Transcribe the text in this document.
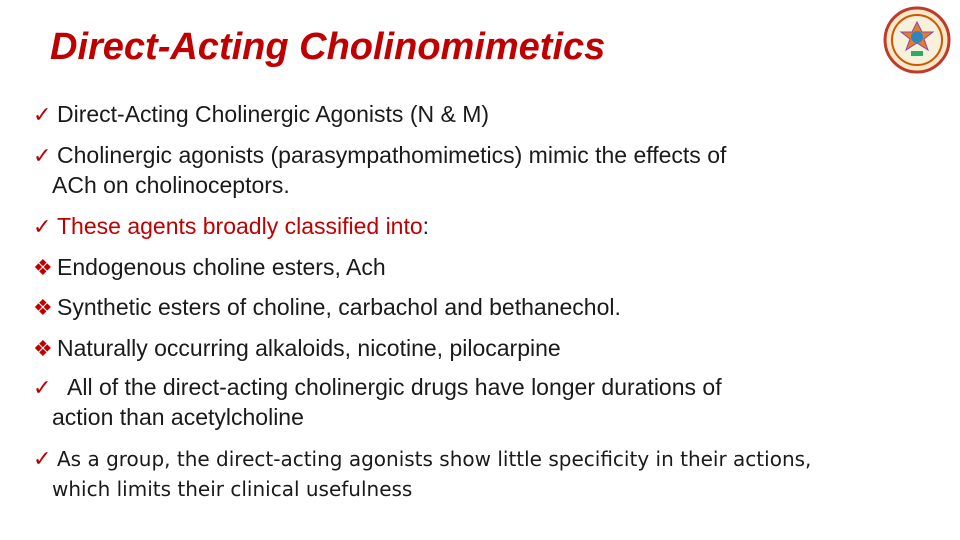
Direct-Acting Cholinomimetics
✓ Direct-Acting Cholinergic Agonists (N & M)
✓ Cholinergic agonists (parasympathomimetics) mimic the effects of
ACh on cholinoceptors.
✓ These agents broadly classified into:
❖ Endogenous choline esters, Ach
❖ Synthetic esters of choline, carbachol and bethanechol.
❖ Naturally occurring alkaloids, nicotine, pilocarpine
✓ All of the direct-acting cholinergic drugs have longer durations of
action than acetylcholine
✓ As a group, the direct-acting agonists show little specificity in their actions,
which limits their clinical usefulness
